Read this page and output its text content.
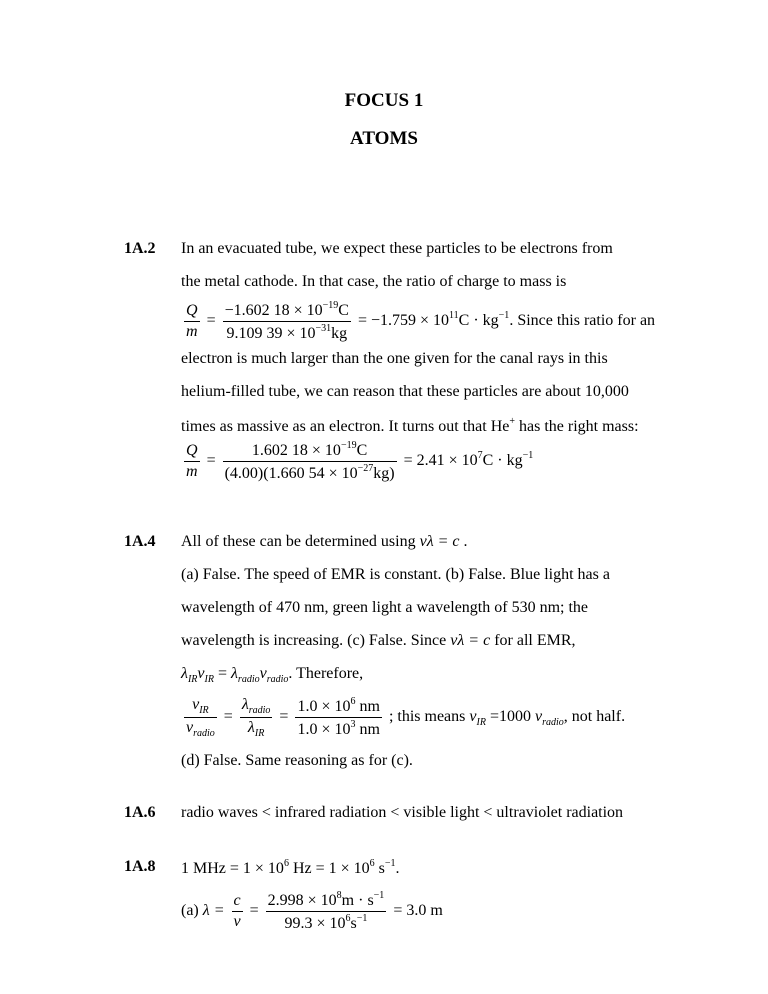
FOCUS 1
ATOMS
1A.2 In an evacuated tube, we expect these particles to be electrons from
the metal cathode. In that case, the ratio of charge to mass is
$\frac{Q}{m} = \frac{-1.602 18 \times 10^{-19}C}{9.109 39 \times 10^{-31}kg} = -1.759 \times 10^{11}C \cdot kg^{-1}$. Since this ratio for an
electron is much larger than the one given for the canal rays in this
helium-filled tube, we can reason that these particles are about 10,000
times as massive as an electron. It turns out that He+ has the right mass:
$\frac{Q}{m} = \frac{1.602 18 \times 10^{-19}C}{(4.00)(1.660 54 \times 10^{-27}kg)} = 2.41 \times 10^7C \cdot kg^{-1}$
1A.4 All of these can be determined using νλ = c .
(a) False. The speed of EMR is constant. (b) False. Blue light has a
wavelength of 470 nm, green light a wavelength of 530 nm; the
wavelength is increasing. (c) False. Since νλ = c for all EMR,
$\lambda_{IR}\nu_{IR} = \lambda_{radio}\nu_{radio}$. Therefore,
$\frac{\nu_{IR}}{\nu_{radio}} = \frac{\lambda_{radio}}{\lambda_{IR}} = \frac{1.0 \times 10^6 nm}{1.0 \times 10^3 nm}$ ; this means $\nu_{IR} =1000$ $\nu_{radio}$, not half.
(d) False. Same reasoning as for (c).
1A.6 radio waves < infrared radiation < visible light < ultraviolet radiation
1A.8 1 MHz = $1 \times 10^6$ $Hz = 1 \times 10^6$ $s^{-1}$.
(a) $\lambda = \frac{c}{\nu} = \frac{2.998 \times 10^8m \cdot s^{-1}}{99.3 \times 10^6s^{-1}} = 3.0$ m
